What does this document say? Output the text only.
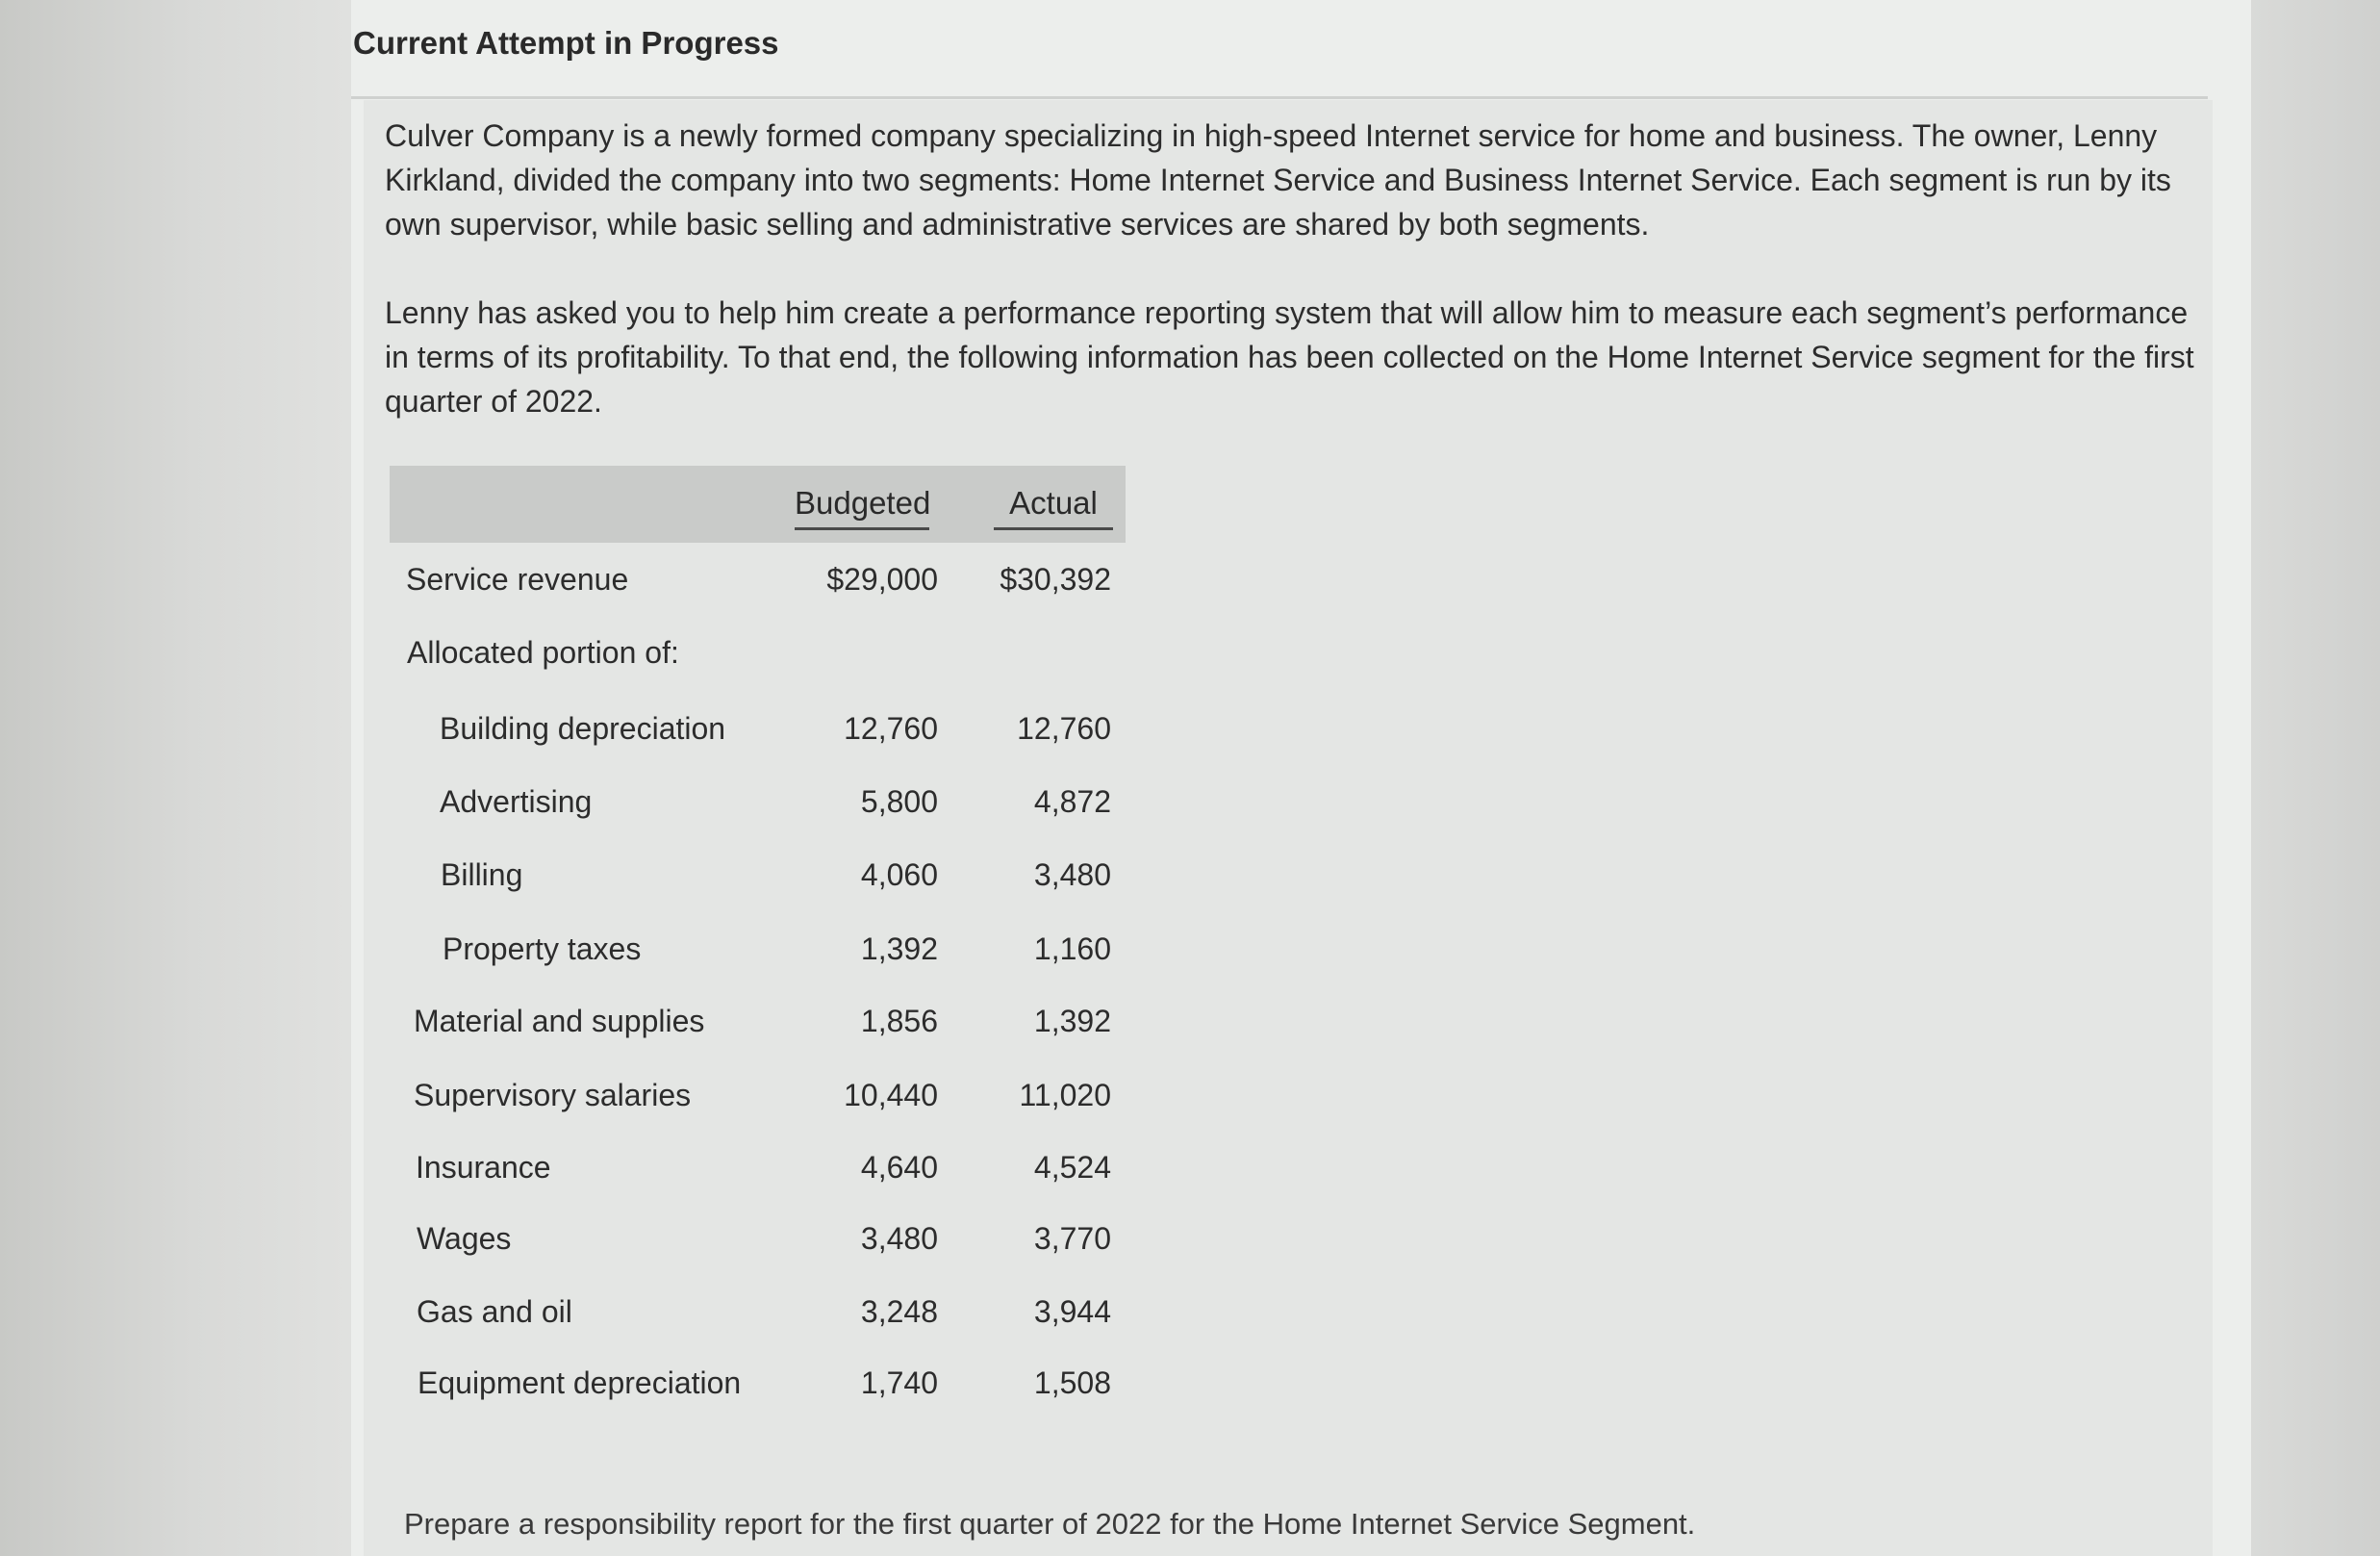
Current Attempt in Progress
Culver Company is a newly formed company specializing in high-speed Internet service for home and business. The owner, Lenny Kirkland, divided the company into two segments: Home Internet Service and Business Internet Service. Each segment is run by its own supervisor, while basic selling and administrative services are shared by both segments.
Lenny has asked you to help him create a performance reporting system that will allow him to measure each segment’s performance in terms of its profitability. To that end, the following information has been collected on the Home Internet Service segment for the first quarter of 2022.
Budgeted	Actual
Service revenue	$29,000 $30,392
Allocated portion of:
Building depreciation	12,760	12,760
Advertising	5,800	4,872
Billing	4,060	3,480
Property taxes	1,392	1,160
Material and supplies	1,856	1,392
Supervisory salaries	10,440	11,020
Insurance	4,640	4,524
Wages	3,480	3,770
Gas and oil	3,248	3,944
Equipment depreciation	1,740	1,508
Prepare a responsibility report for the first quarter of 2022 for the Home Internet Service Segment.
